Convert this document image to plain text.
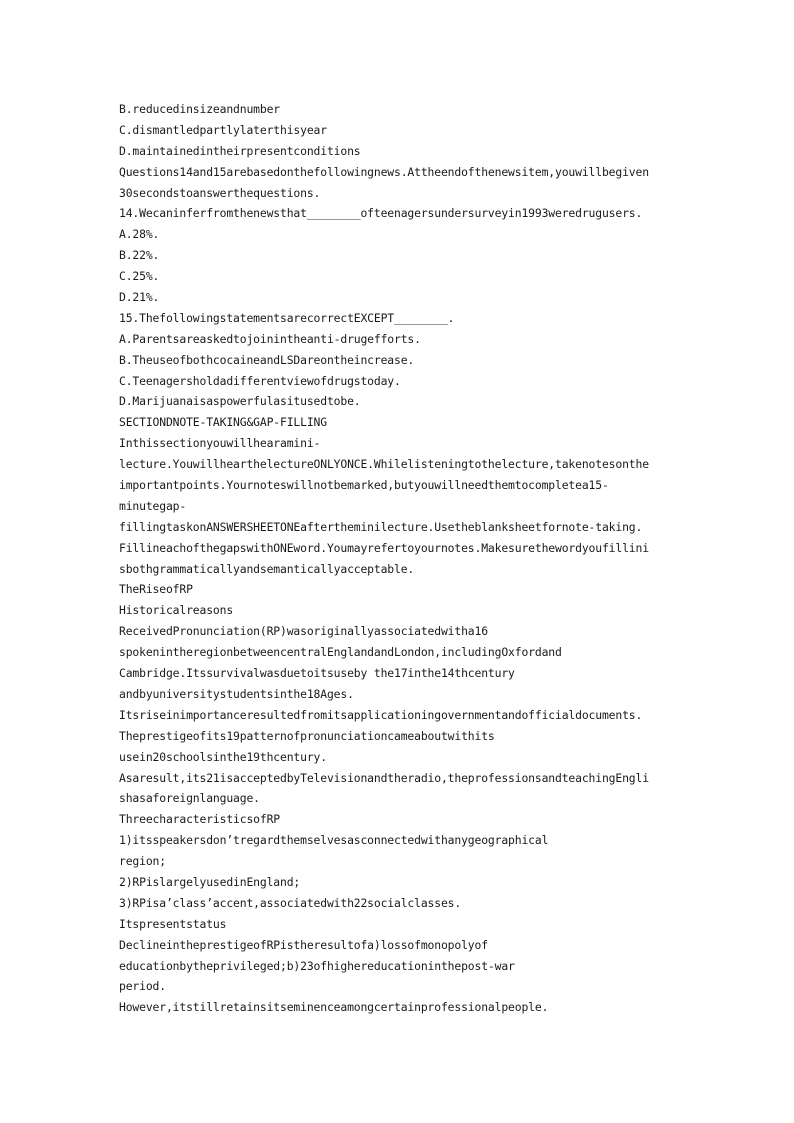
B.reducedinsizeandnumber
C.dismantledpartlylaterthisyear
D.maintainedintheirpresentconditions
Questions14and15arebasedonthefollowingnews.Attheendofthenewsitem,youwillbegiven
30secondstoanswerthequestions.
14.Wecaninferfromthenewsthat________ofteenagersundersurveyin1993weredrugusers.
A.28%.
B.22%.
C.25%.
D.21%.
15.ThefollowingstatementsarecorrectEXCEPT________.
A.Parentsareaskedtojoinintheanti-drugefforts.
B.TheuseofbothcocaineandLSDareontheincrease.
C.Teenagersholdadifferentviewofdrugstoday.
D.Marijuanaisaspowerfulasitusedtobe.
SECTIONDNOTE-TAKING&GAP-FILLING
Inthissectionyouwillhearamini-
lecture.YouwillhearthelectureONLYONCE.Whilelisteningtothelecture,takenotesonthe
importantpoints.Yournoteswillnotbemarked,butyouwillneedthemtocompletea15-
minutegap-
fillingtaskonANSWERSHEETONEaftertheminilecture.Usetheblanksheetfornote-taking.
FillineachofthegapswithONEword.Youmayrefertoyournotes.Makesurethewordyoufillini
sbothgrammaticallyandsemanticallyacceptable.
TheRiseofRP
Historicalreasons
ReceivedPronunciation(RP)wasoriginallyassociatedwitha16
spokenintheregionbetweencentralEnglandandLondon,includingOxfordand
Cambridge.Itssurvivalwasduetoitsuseby the17inthe14thcentury
andbyuniversitystudentsinthe18Ages.
Itsriseinimportanceresultedfromitsapplicationingovernmentandofficialdocuments.
Theprestigeofits19patternofpronunciationcameaboutwithits
usein20schoolsinthe19thcentury.
Asaresult,its21isacceptedbyTelevisionandtheradio,theprofessionsandteachingEngli
shasaforeignlanguage.
ThreecharacteristicsofRP
1)itsspeakersdon’tregardthemselvesasconnectedwithanygeographical
region;
2)RPislargelyusedinEngland;
3)RPisa’class’accent,associatedwith22socialclasses.
Itspresentstatus
DeclineintheprestigeofRPistheresultofa)lossofmonopolyof
educationbytheprivileged;b)23ofhighereducationinthepost-war
period.
However,itstillretainsitseminenceamongcertainprofessionalpeople.
